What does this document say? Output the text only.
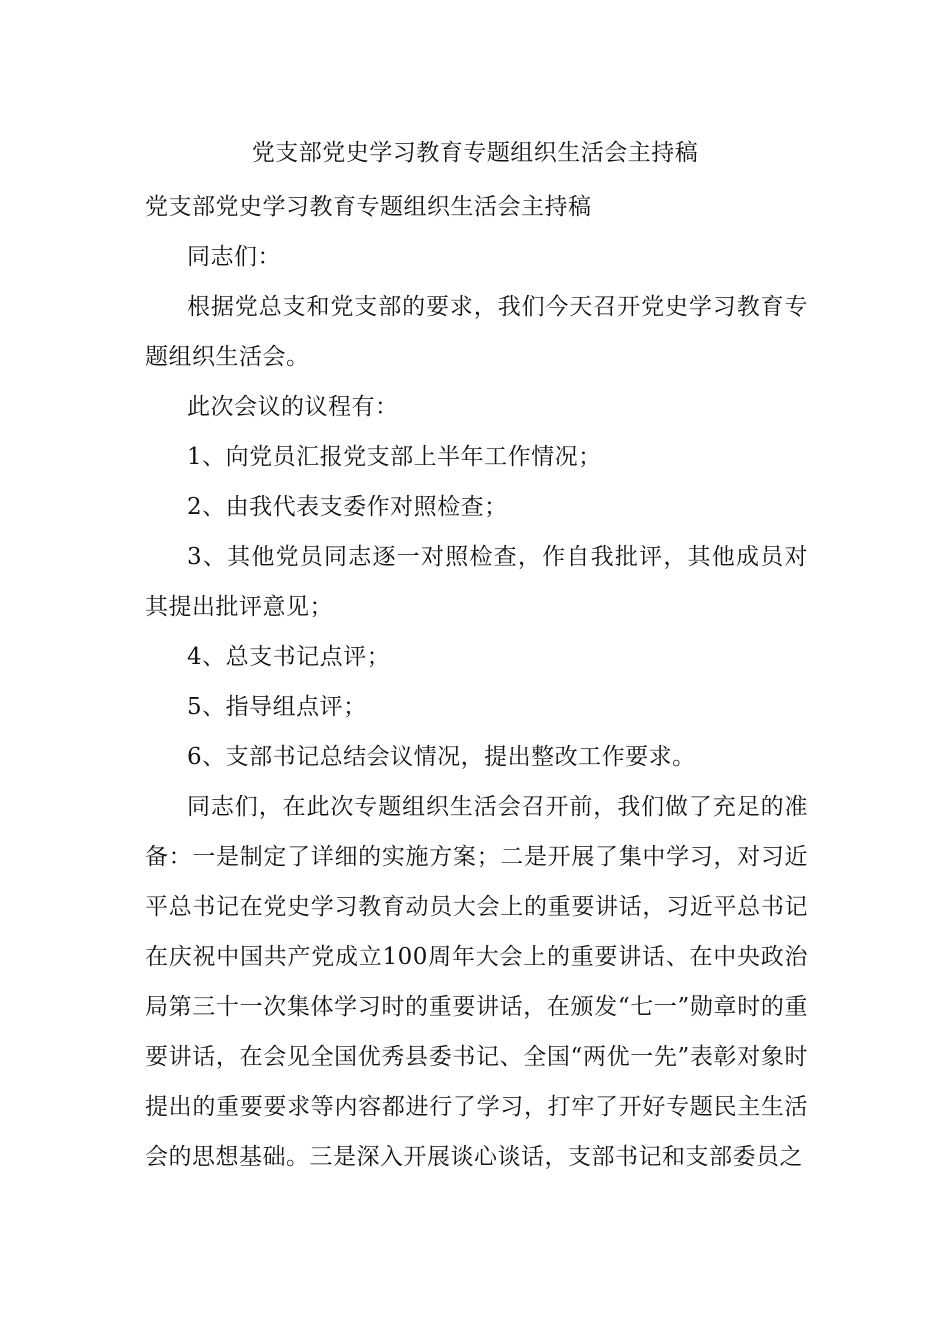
党支部党史学习教育专题组织生活会主持稿

党支部党史学习教育专题组织生活会主持稿

同志们：

根据党总支和党支部的要求，我们今天召开党史学习教育专题组织生活会。

此次会议的议程有：

1、向党员汇报党支部上半年工作情况；

2、由我代表支委作对照检查；

3、其他党员同志逐一对照检查，作自我批评，其他成员对其提出批评意见；

4、总支书记点评；

5、指导组点评；

6、支部书记总结会议情况，提出整改工作要求。

同志们，在此次专题组织生活会召开前，我们做了充足的准备：一是制定了详细的实施方案；二是开展了集中学习，对习近平总书记在党史学习教育动员大会上的重要讲话，习近平总书记在庆祝中国共产党成立100周年大会上的重要讲话、在中央政治局第三十一次集体学习时的重要讲话，在颁发“七一”勋章时的重要讲话，在会见全国优秀县委书记、全国“两优一先”表彰对象时提出的重要要求等内容都进行了学习，打牢了开好专题民主生活会的思想基础。三是深入开展谈心谈话，支部书记和支部委员之
